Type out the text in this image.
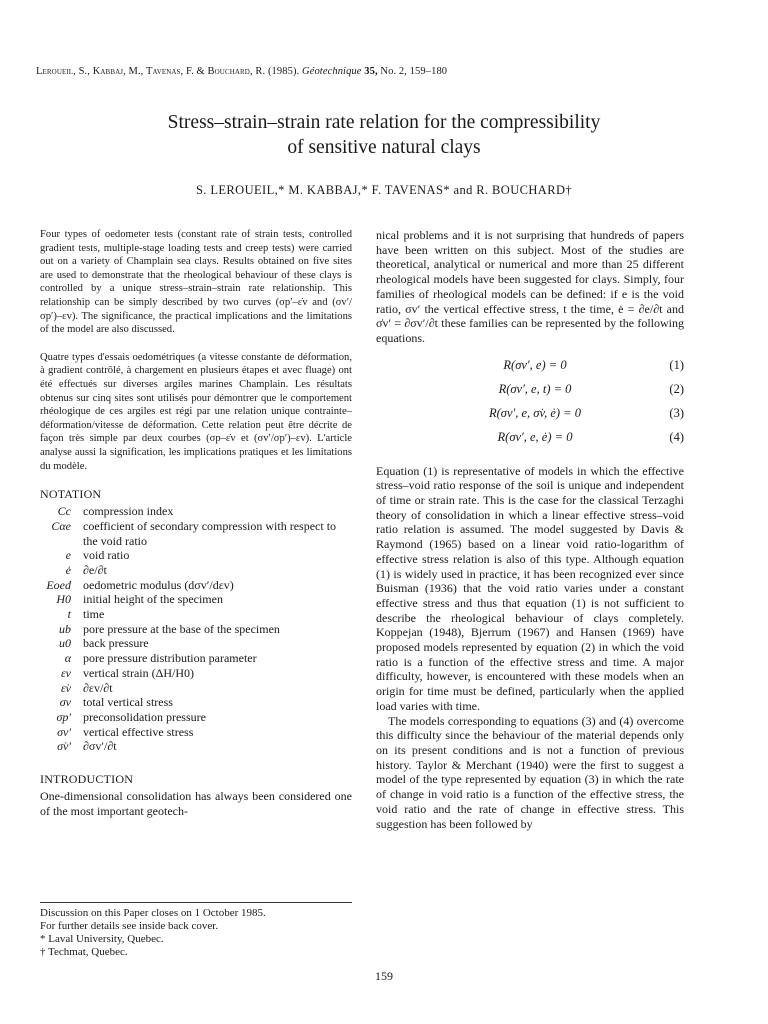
Leroueil, S., Kabbaj, M., Tavenas, F. & Bouchard, R. (1985). Géotechnique 35, No. 2, 159–180
Stress–strain–strain rate relation for the compressibility
of sensitive natural clays
S. LEROUEIL,* M. KABBAJ,* F. TAVENAS* and R. BOUCHARD†

Four types of oedometer tests (constant rate of strain tests, controlled gradient tests, multiple-stage loading tests and creep tests) were carried out on a variety of Champlain sea clays. Results obtained on five sites are used to demonstrate that the rheological behaviour of these clays is controlled by a unique stress–strain–strain rate relationship. This relationship can be simply described by two curves (σp′–ε̇v and (σv′/σp′)–εv). The significance, the practical implications and the limitations of the model are also discussed.

Quatre types d'essais oedométriques (a vitesse constante de déformation, à gradient contrôlé, à chargement en plusieurs étapes et avec fluage) ont été effectués sur diverses argiles marines Champlain. Les résultats obtenus sur cinq sites sont utilisés pour démontrer que le comportement rhéologique de ces argiles est régi par une relation unique contrainte–déformation/vitesse de déformation. Cette relation peut être décrite de façon très simple par deux courbes (σp–ε̇v et (σv′/σp′)–εv). L'article analyse aussi la signification, les implications pratiques et les limitations du modèle.

NOTATION
Cc	compression index
Cαe	coefficient of secondary compression with respect to the void ratio
e	void ratio
ė	∂e/∂t
Eoed	oedometric modulus (dσv′/dεv)
H0	initial height of the specimen
t	time
ub	pore pressure at the base of the specimen
u0	back pressure
α	pore pressure distribution parameter
εv	vertical strain (ΔH/H0)
ε̇v	∂εv/∂t
σv	total vertical stress
σp′	preconsolidation pressure
σv′	vertical effective stress
σ̇v′	∂σv′/∂t
INTRODUCTION

One-dimensional consolidation has always been considered one of the most important geotech-

Discussion on this Paper closes on 1 October 1985.
For further details see inside back cover.
* Laval University, Quebec.
† Techmat, Quebec.

nical problems and it is not surprising that hundreds of papers have been written on this subject. Most of the studies are theoretical, analytical or numerical and more than 25 different rheological models have been suggested for clays. Simply, four families of rheological models can be defined: if e is the void ratio, σv′ the vertical effective stress, t the time, ė = ∂e/∂t and σ̇v′ = ∂σv′/∂t these families can be represented by the following equations.

R(σv′, e) = 0	(1)
R(σv′, e, t) = 0	(2)
R(σv′, e, σ̇v, ė) = 0	(3)
R(σv′, e, ė) = 0	(4)

Equation (1) is representative of models in which the effective stress–void ratio response of the soil is unique and independent of time or strain rate. This is the case for the classical Terzaghi theory of consolidation in which a linear effective stress–void ratio relation is assumed. The model suggested by Davis & Raymond (1965) based on a linear void ratio-logarithm of effective stress relation is also of this type. Although equation (1) is widely used in practice, it has been recognized ever since Buisman (1936) that the void ratio varies under a constant effective stress and thus that equation (1) is not sufficient to describe the rheological behaviour of clays completely. Koppejan (1948), Bjerrum (1967) and Hansen (1969) have proposed models represented by equation (2) in which the void ratio is a function of the effective stress and time. A major difficulty, however, is encountered with these models when an origin for time must be defined, particularly when the applied load varies with time.

The models corresponding to equations (3) and (4) overcome this difficulty since the behaviour of the material depends only on its present conditions and is not a function of previous history. Taylor & Merchant (1940) were the first to suggest a model of the type represented by equation (3) in which the rate of change in void ratio is a function of the effective stress, the void ratio and the rate of change in effective stress. This suggestion has been followed by

159
